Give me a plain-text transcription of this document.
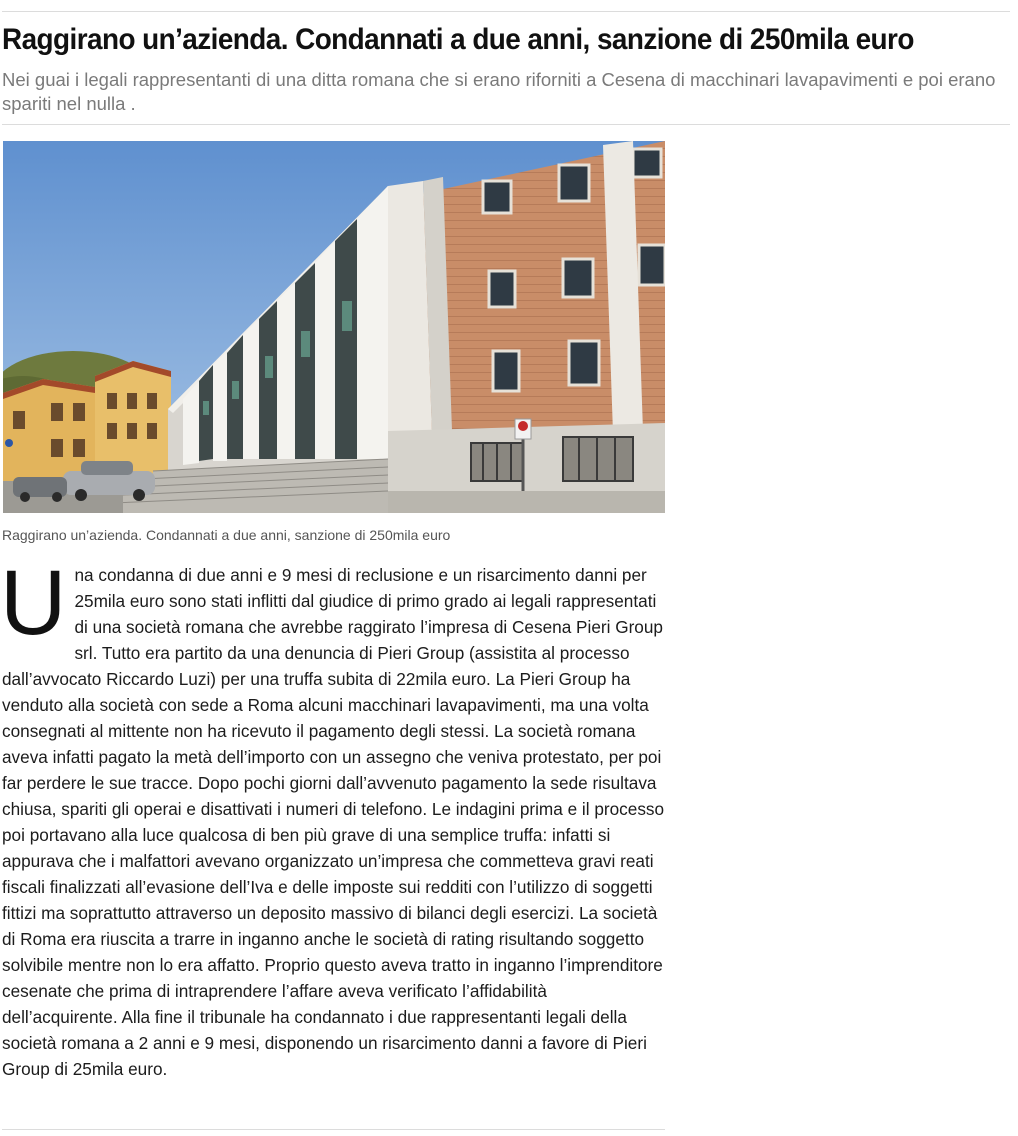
Raggirano un’azienda. Condannati a due anni, sanzione di 250mila euro

Nei guai i legali rappresentanti di una ditta romana che si erano riforniti a Cesena di macchinari lavapavimenti e poi erano spariti nel nulla .

Raggirano un’azienda. Condannati a due anni, sanzione di 250mila euro

Una condanna di due anni e 9 mesi di reclusione e un risarcimento danni per 25mila euro sono stati inflitti dal giudice di primo grado ai legali rappresentati di una società romana che avrebbe raggirato l’impresa di Cesena Pieri Group srl. Tutto era partito da una denuncia di Pieri Group (assistita al processo dall’avvocato Riccardo Luzi) per una truffa subita di 22mila euro. La Pieri Group ha venduto alla società con sede a Roma alcuni macchinari lavapavimenti, ma una volta consegnati al mittente non ha ricevuto il pagamento degli stessi. La società romana aveva infatti pagato la metà dell’importo con un assegno che veniva protestato, per poi far perdere le sue tracce. Dopo pochi giorni dall’avvenuto pagamento la sede risultava chiusa, spariti gli operai e disattivati i numeri di telefono. Le indagini prima e il processo poi portavano alla luce qualcosa di ben più grave di una semplice truffa: infatti si appurava che i malfattori avevano organizzato un’impresa che commetteva gravi reati fiscali finalizzati all’evasione dell’Iva e delle imposte sui redditi con l’utilizzo di soggetti fittizi ma soprattutto attraverso un deposito massivo di bilanci degli esercizi. La società di Roma era riuscita a trarre in inganno anche le società di rating risultando soggetto solvibile mentre non lo era affatto. Proprio questo aveva tratto in inganno l’imprenditore cesenate che prima di intraprendere l’affare aveva verificato l’affidabilità dell’acquirente. Alla fine il tribunale ha condannato i due rappresentanti legali della società romana a 2 anni e 9 mesi, disponendo un risarcimento danni a favore di Pieri Group di 25mila euro.
